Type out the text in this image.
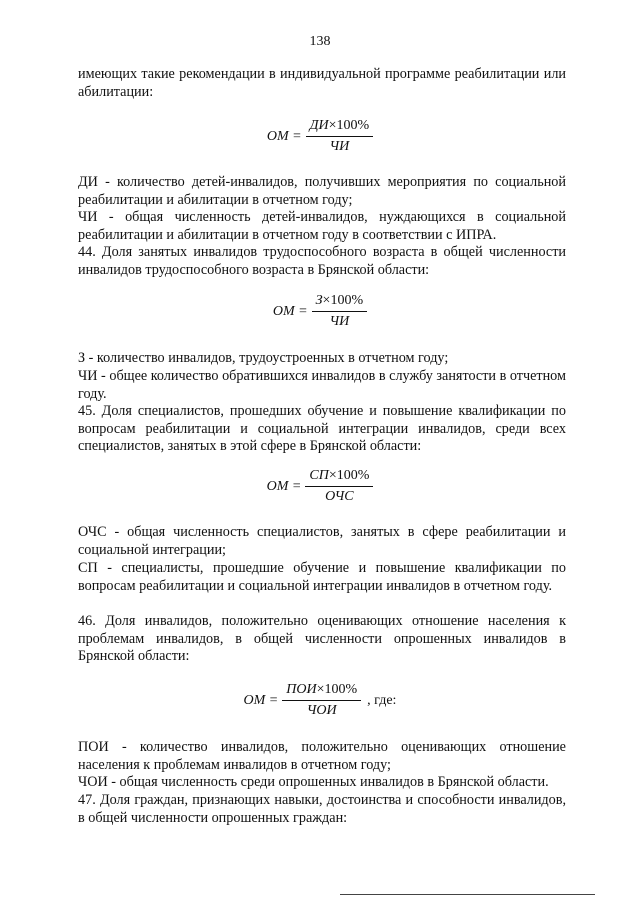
138
имеющих такие рекомендации в индивидуальной программе реабилитации или абилитации:
ОМ = $\frac{ДИ\times 100\%}{ЧИ}$
ДИ - количество детей-инвалидов, получивших мероприятия по социальной реабилитации и абилитации в отчетном году;
ЧИ - общая численность детей-инвалидов, нуждающихся в социальной реабилитации и абилитации в отчетном году в соответствии с ИПРА.
44. Доля занятых инвалидов трудоспособного возраста в общей численности инвалидов трудоспособного возраста в Брянской области:
ОМ = $\frac{З\times 100\%}{ЧИ}$
З - количество инвалидов, трудоустроенных в отчетном году;
ЧИ - общее количество обратившихся инвалидов в службу занятости в отчетном году.
45. Доля специалистов, прошедших обучение и повышение квалификации по вопросам реабилитации и социальной интеграции инвалидов, среди всех специалистов, занятых в этой сфере в Брянской области:
ОМ = $\frac{СП\times 100\%}{\text{ОЧС}}$
ОЧС - общая численность специалистов, занятых в сфере реабилитации и социальной интеграции;
СП - специалисты, прошедшие обучение и повышение квалификации по вопросам реабилитации и социальной интеграции инвалидов в отчетном году.
46. Доля инвалидов, положительно оценивающих отношение населения к проблемам инвалидов, в общей численности опрошенных инвалидов в Брянской области:
ОМ = $\frac{\text{ПОИ×100\%}}{\text{ЧОИ}}$ , где:
ПОИ - количество инвалидов, положительно оценивающих отношение населения к проблемам инвалидов в отчетном году;
ЧОИ - общая численность среди опрошенных инвалидов в Брянской области.
47. Доля граждан, признающих навыки, достоинства и способности инвалидов, в общей численности опрошенных граждан:
